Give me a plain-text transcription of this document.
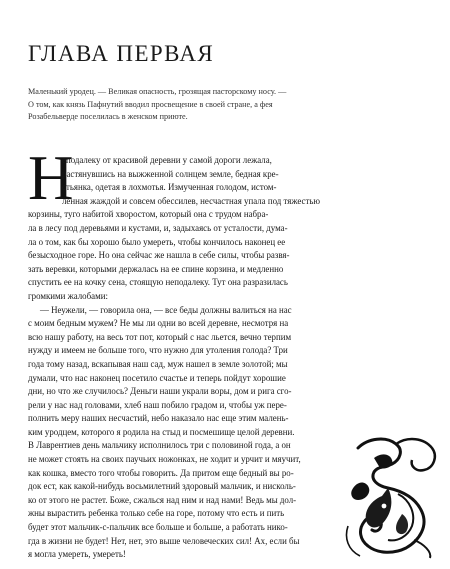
ГЛАВА ПЕРВАЯ
Маленький уродец. — Великая опасность, грозящая пасторскому носу. —
О том, как князь Пафнутий вводил просвещение в своей стране, а фея
Розабельверде поселилась в женском приюте.
Н
еподалеку от красивой деревни у самой дороги лежала,
растянувшись на выжженной солнцем земле, бедная кре-
стьянка, одетая в лохмотья. Измученная голодом, истом-
ленная жаждой и совсем обессилев, несчастная упала под тяжестью
корзины, туго набитой хворостом, который она с трудом набра-
ла в лесу под деревьями и кустами, и, задыхаясь от усталости, дума-
ла о том, как бы хорошо было умереть, чтобы кончилось наконец ее
безысходное горе. Но она сейчас же нашла в себе силы, чтобы развя-
зать веревки, которыми держалась на ее спине корзина, и медленно
спустить ее на кочку сена, стоящую неподалеку. Тут она разразилась
громкими жалобами:
— Неужели, — говорила она, — все беды должны валиться на нас
с моим бедным мужем? Не мы ли одни во всей деревне, несмотря на
всю нашу работу, на весь тот пот, который с нас льется, вечно терпим
нужду и имеем не больше того, что нужно для утоления голода? Три
года тому назад, вскапывая наш сад, муж нашел в земле золотой; мы
думали, что нас наконец посетило счастье и теперь пойдут хорошие
дни, но что же случилось? Деньги наши украли воры, дом и рига сго-
рели у нас над головами, хлеб наш побило градом и, чтобы уж пере-
полнить меру наших несчастий, небо наказало нас еще этим малень-
ким уродцем, которого я родила на стыд и посмешище целой деревни.
В Лаврентиев день мальчику исполнилось три с половиной года, а он
не может стоять на своих паучьих ножонках, не ходит и урчит и мяучит,
как кошка, вместо того чтобы говорить. Да притом еще бедный вы ро-
док ест, как какой-нибудь восьмилетний здоровый мальчик, и нисколь-
ко от этого не растет. Боже, сжалься над ним и над нами! Ведь мы дол-
жны вырастить ребенка только себе на горе, потому что есть и пить
будет этот мальчик-с-пальчик все больше и больше, а работать нико-
гда в жизни не будет! Нет, нет, это выше человеческих сил! Ах, если бы
я могла умереть, умереть!
